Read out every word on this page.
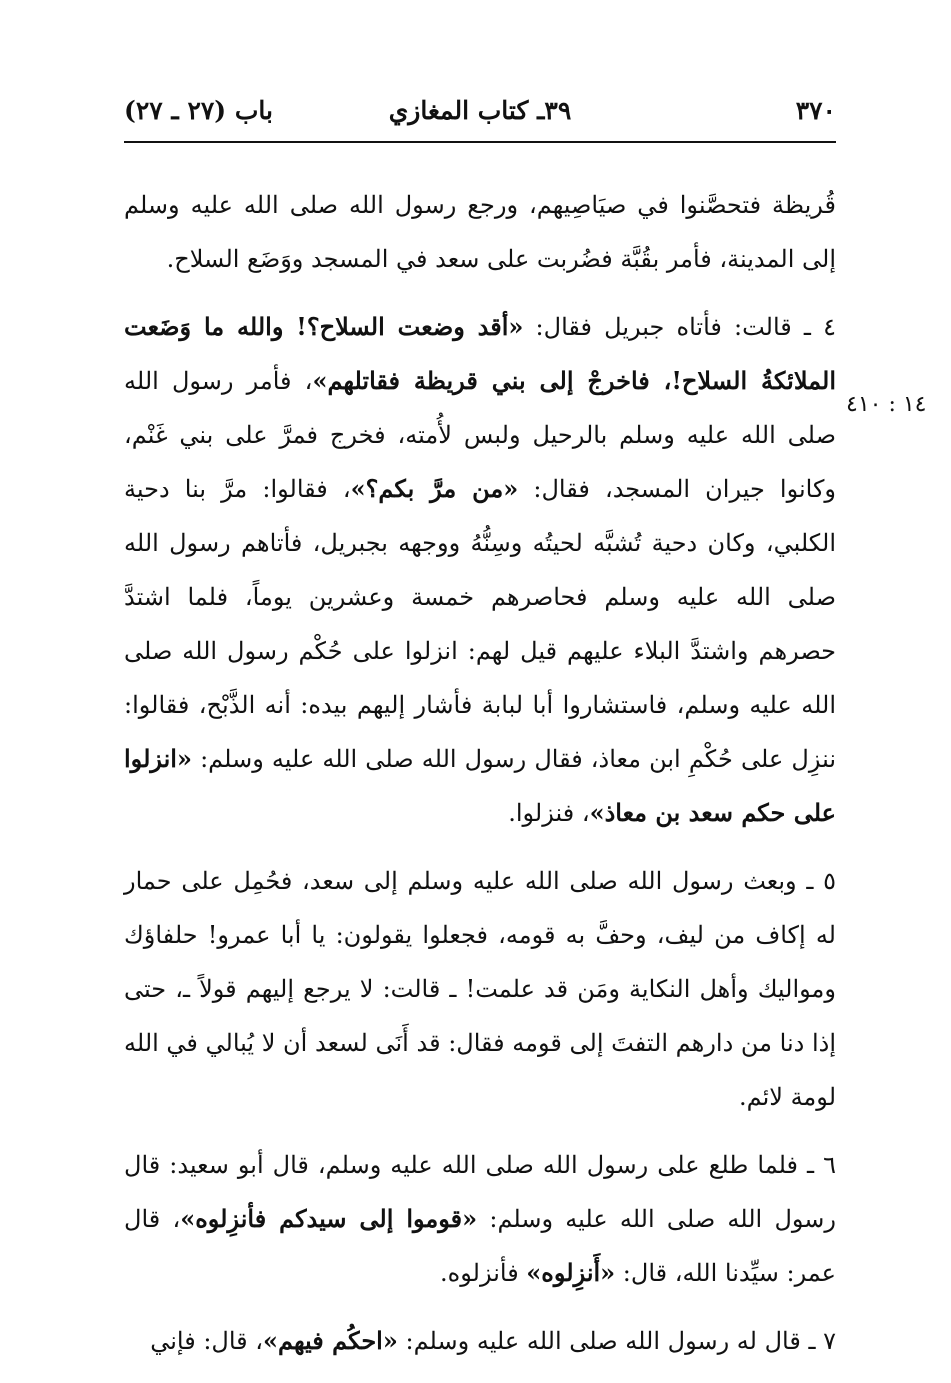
٣٧٠
٣٩ـ كتاب المغازي
باب (٢٧ ـ ٢٧)
١٤ : ٤١٠

قُريظة فتحصَّنوا في صيَاصِيهم، ورجع رسول الله صلى الله عليه وسلم إلى المدينة، فأمر بقُبَّة فضُربت على سعد في المسجد ووَضَع السلاح.

٤ ـ قالت: فأتاه جبريل فقال: «أقد وضعت السلاح؟! والله ما وَضَعت الملائكةُ السلاح!، فاخرجْ إلى بني قريظة فقاتلهم»، فأمر رسول الله صلى الله عليه وسلم بالرحيل ولبس لأُمته، فخرج فمرَّ على بني غَنْم، وكانوا جيران المسجد، فقال: «من مرَّ بكم؟»، فقالوا: مرَّ بنا دحية الكلبي، وكان دحية تُشبَّه لحيتُه وسِنُّهُ ووجهه بجبريل، فأتاهم رسول الله صلى الله عليه وسلم فحاصرهم خمسة وعشرين يوماً، فلما اشتدَّ حصرهم واشتدَّ البلاء عليهم قيل لهم: انزلوا على حُكْم رسول الله صلى الله عليه وسلم، فاستشاروا أبا لبابة فأشار إليهم بيده: أنه الذَّبْح، فقالوا: ننزِل على حُكْمِ ابن معاذ، فقال رسول الله صلى الله عليه وسلم: «انزلوا على حكم سعد بن معاذ»، فنزلوا.

٥ ـ وبعث رسول الله صلى الله عليه وسلم إلى سعد، فحُمِل على حمار له إكاف من ليف، وحفَّ به قومه، فجعلوا يقولون: يا أبا عمرو! حلفاؤك ومواليك وأهل النكاية ومَن قد علمت! ـ قالت: لا يرجع إليهم قولاً ـ، حتى إذا دنا من دارهم التفتَ إلى قومه فقال: قد أَنَى لسعد أن لا يُبالي في الله لومة لائم.

٦ ـ فلما طلع على رسول الله صلى الله عليه وسلم، قال أبو سعيد: قال رسول الله صلى الله عليه وسلم: «قوموا إلى سيدكم فأنزِلوه»، قال عمر: سيِّدنا الله، قال: «أَنزِلوه» فأنزلوه.

٧ ـ قال له رسول الله صلى الله عليه وسلم: «احكُم فيهم»، قال: فإني
